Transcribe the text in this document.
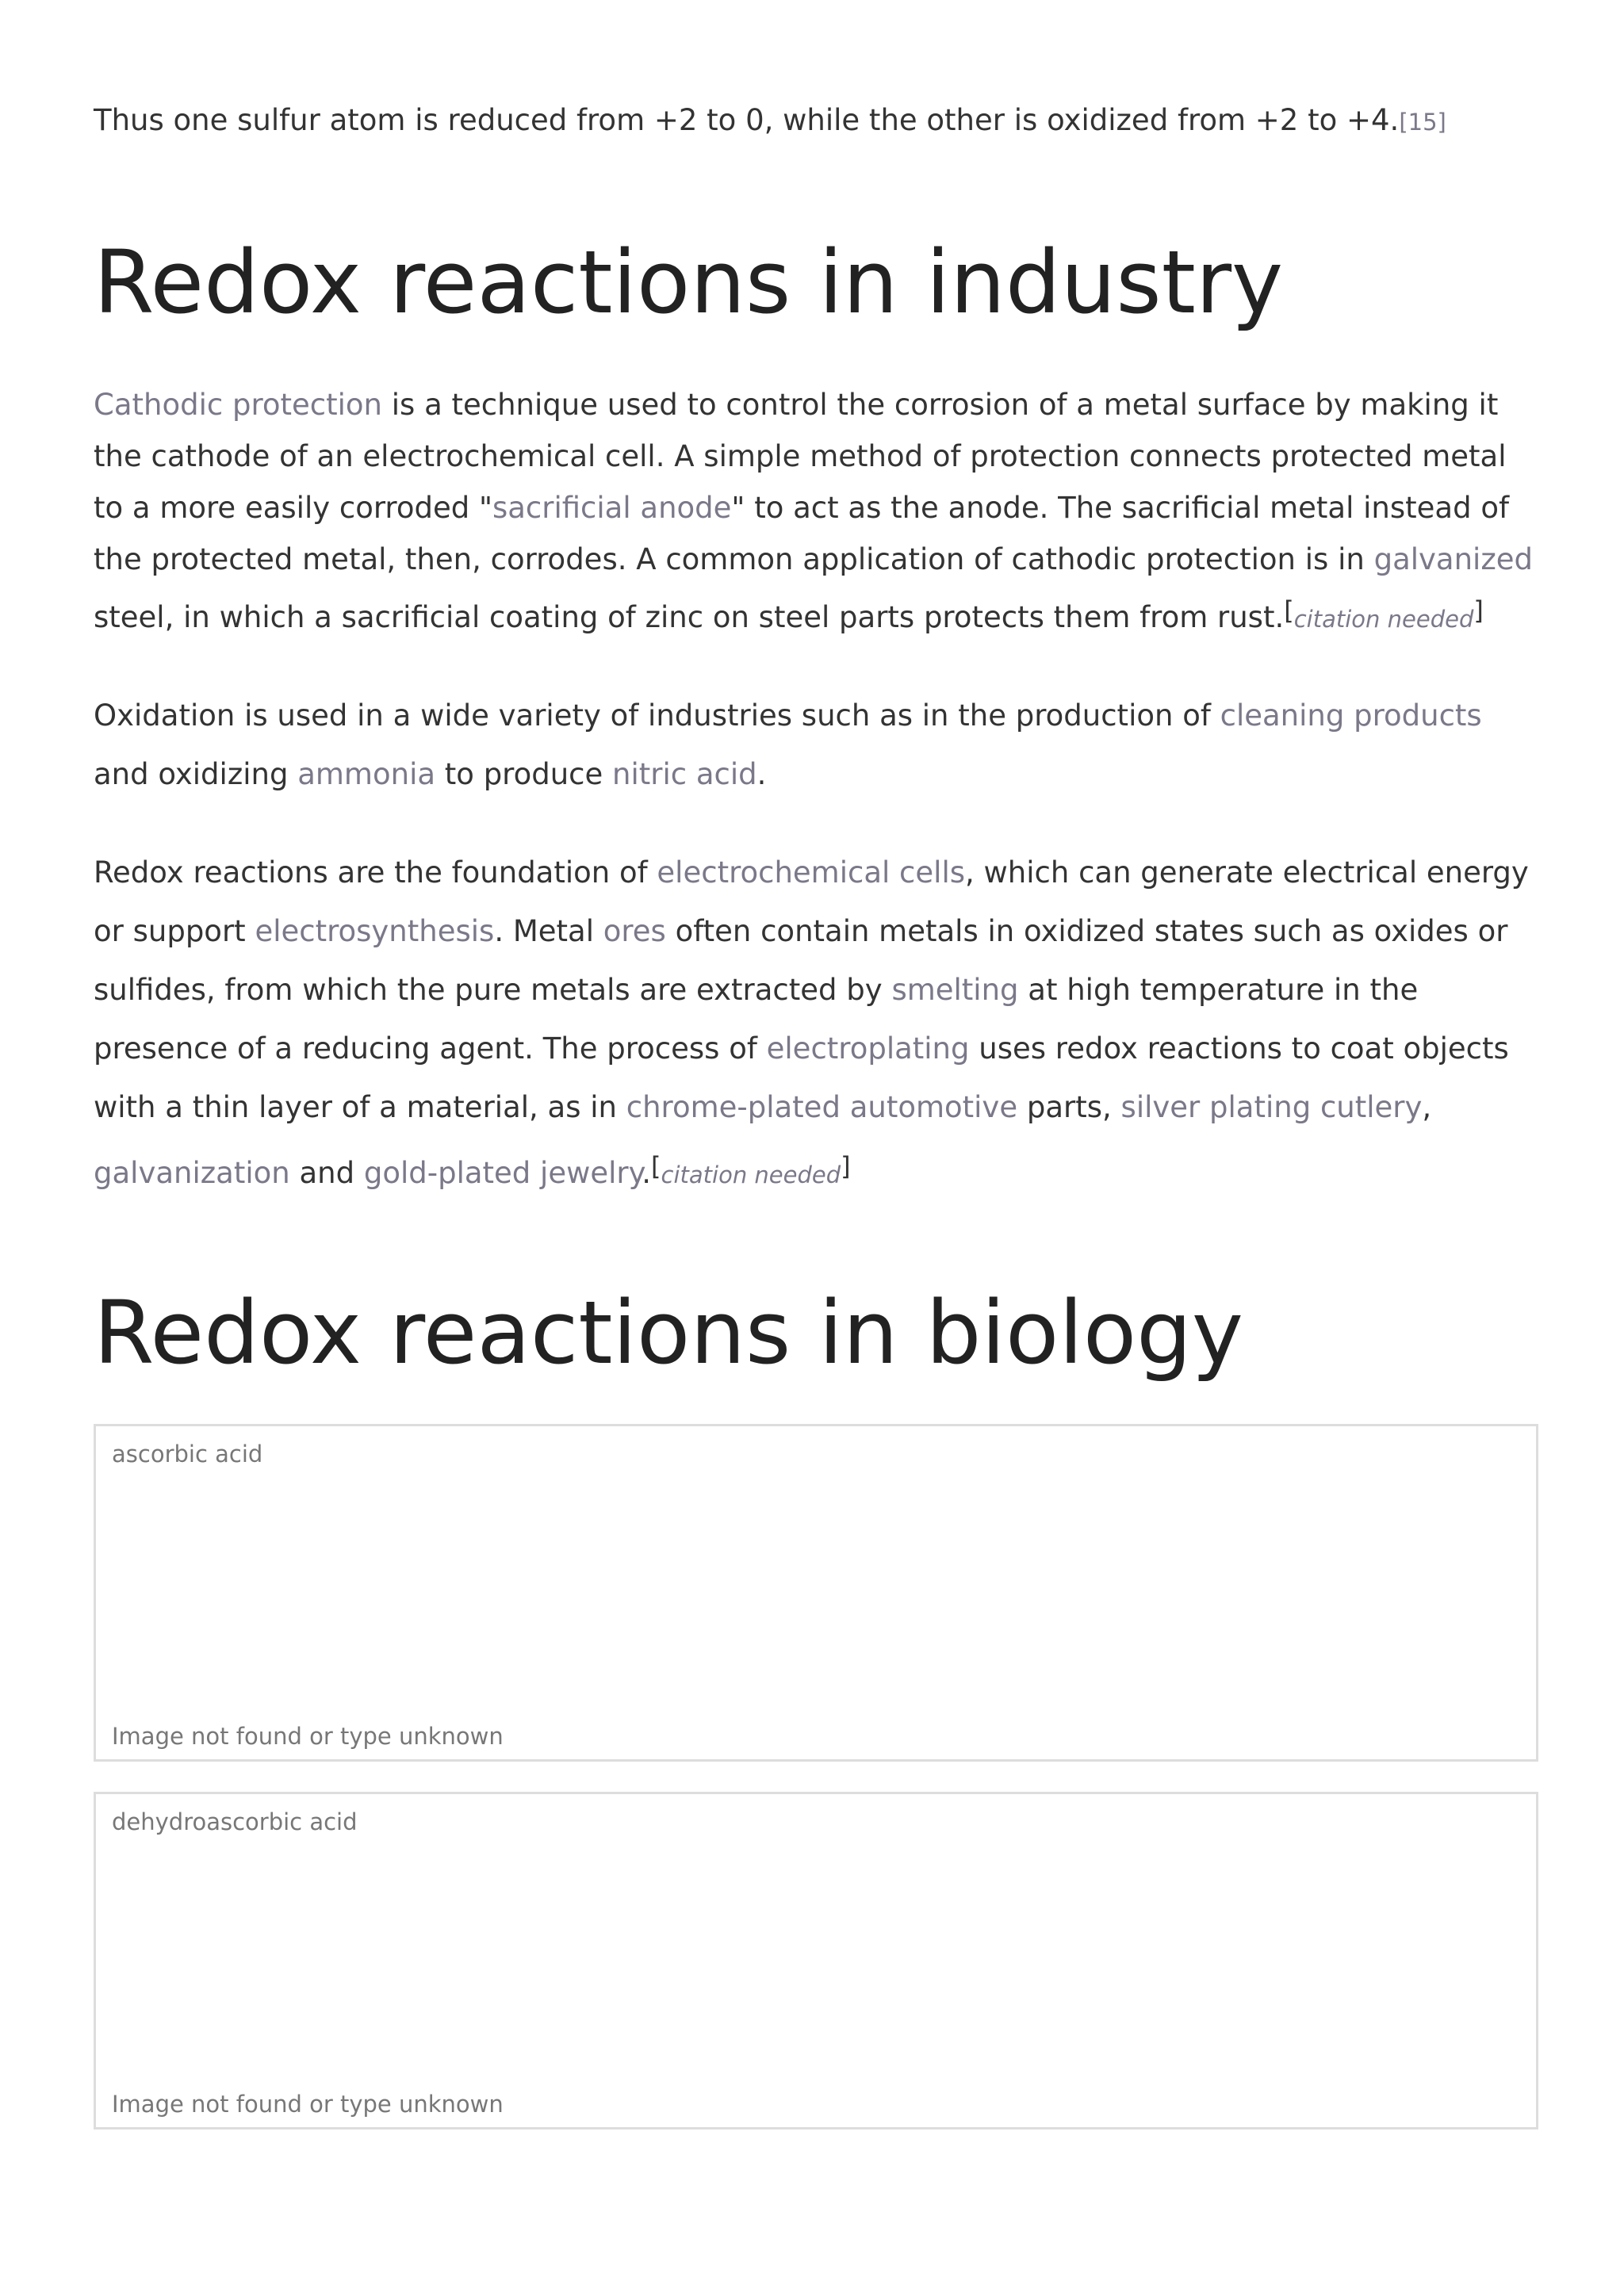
Thus one sulfur atom is reduced from +2 to 0, while the other is oxidized from +2 to +4.[15]

Redox reactions in industry

Cathodic protection is a technique used to control the corrosion of a metal surface by making it the cathode of an electrochemical cell. A simple method of protection connects protected metal to a more easily corroded "sacrificial anode" to act as the anode. The sacrificial metal instead of the protected metal, then, corrodes. A common application of cathodic protection is in galvanized steel, in which a sacrificial coating of zinc on steel parts protects them from rust.[citation needed]

Oxidation is used in a wide variety of industries such as in the production of cleaning products and oxidizing ammonia to produce nitric acid.

Redox reactions are the foundation of electrochemical cells, which can generate electrical energy or support electrosynthesis. Metal ores often contain metals in oxidized states such as oxides or sulfides, from which the pure metals are extracted by smelting at high temperature in the presence of a reducing agent. The process of electroplating uses redox reactions to coat objects with a thin layer of a material, as in chrome-plated automotive parts, silver plating cutlery, galvanization and gold-plated jewelry.[citation needed]

Redox reactions in biology
ascorbic acid
Image not found or type unknown
dehydroascorbic acid
Image not found or type unknown
